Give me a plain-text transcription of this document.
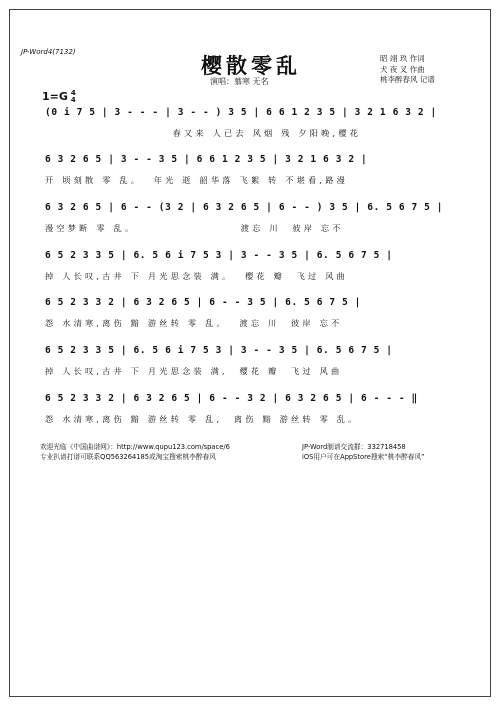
JP-Word4(7132)
樱散零乱
演唱：慕寒 无名
昭 翊 玖 作词
犬 夜 叉 作曲
桃李醉春风 记谱
1=G 4
4
(0 i 7 5 | 3 - - - | 3 - - ) 3 5 | 6 6 1 2 3 5 | 3 2 1 6 3 2 |
春又来 人已去 风烟 残 夕阳晚,樱花
6 3 2 6 5 | 3 - - 3 5 | 6 6 1 2 3 5 | 3 2 1 6 3 2 |
开 顷刻散 零 乱。  年光 逝 韶华落 飞絮 转 不堪看,路漫
6 3 2 6 5 | 6 - - (3 2 | 6 3 2 6 5 | 6 - - ) 3 5 | 6. 5 6 7 5 |
漫空梦断 零 乱。                  渡忘 川  彼岸 忘不
6 5 2 3 3 5 | 6. 5 6 i 7 5 3 | 3 - - 3 5 | 6. 5 6 7 5 |
掉 人长叹,古井 下 月光思念装 满。  樱花 瓣  飞过 风曲
6 5 2 3 3 2 | 6 3 2 6 5 | 6 - - 3 5 | 6. 5 6 7 5 |
怨 水清寒,离伤 黯 游丝转 零 乱。  渡忘 川  彼岸 忘不
6 5 2 3 3 5 | 6. 5 6 i 7 5 3 | 3 - - 3 5 | 6. 5 6 7 5 |
掉 人长叹,古井 下 月光思念装 满,  樱花 瓣  飞过 风曲
6 5 2 3 3 2 | 6 3 2 6 5 | 6 - - 3 2 | 6 3 2 6 5 | 6 - - - ‖
怨 水清寒,离伤 黯 游丝转 零 乱,  离伤 黯 游丝转 零 乱。
欢迎光临《中国曲谱网》：http://www.qupu123.com/space/6
专业扒谱打谱可联系QQ563264185或淘宝搜索桃李醉春风
JP-Word制谱交流群：332718458
iOS用户可在AppStore搜索“桃李醉春风”
